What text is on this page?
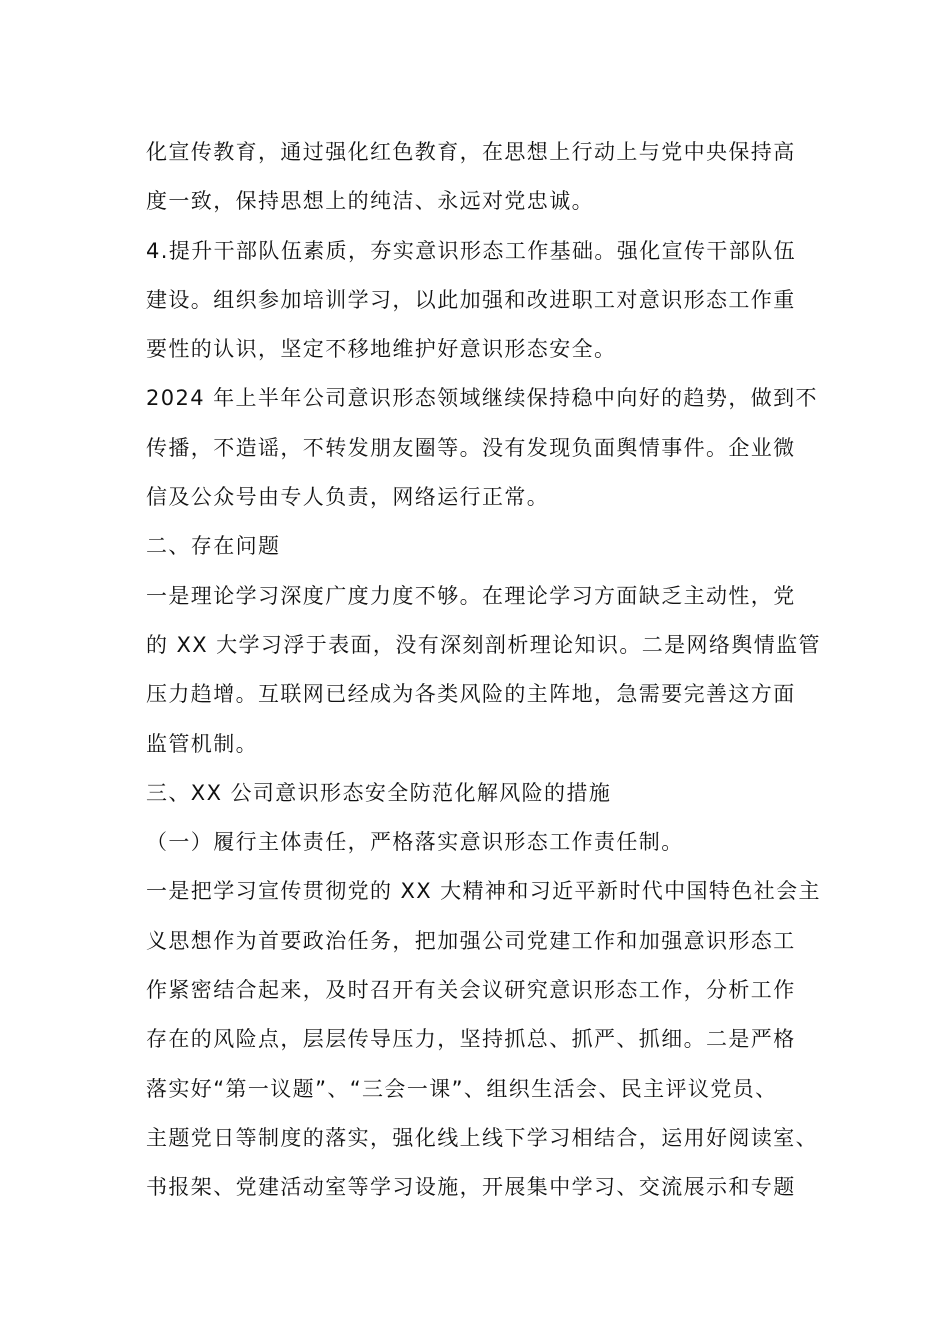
化宣传教育，通过强化红色教育，在思想上行动上与党中央保持高
度一致，保持思想上的纯洁、永远对党忠诚。

4.提升干部队伍素质，夯实意识形态工作基础。强化宣传干部队伍
建设。组织参加培训学习，以此加强和改进职工对意识形态工作重
要性的认识，坚定不移地维护好意识形态安全。

2024 年上半年公司意识形态领域继续保持稳中向好的趋势，做到不
传播，不造谣，不转发朋友圈等。没有发现负面舆情事件。企业微
信及公众号由专人负责，网络运行正常。

二、存在问题

一是理论学习深度广度力度不够。在理论学习方面缺乏主动性，党
的 XX 大学习浮于表面，没有深刻剖析理论知识。二是网络舆情监管
压力趋增。互联网已经成为各类风险的主阵地，急需要完善这方面
监管机制。

三、XX 公司意识形态安全防范化解风险的措施

（一）履行主体责任，严格落实意识形态工作责任制。

一是把学习宣传贯彻党的 XX 大精神和习近平新时代中国特色社会主
义思想作为首要政治任务，把加强公司党建工作和加强意识形态工
作紧密结合起来，及时召开有关会议研究意识形态工作，分析工作
存在的风险点，层层传导压力，坚持抓总、抓严、抓细。二是严格
落实好“第一议题”、“三会一课”、组织生活会、民主评议党员、
主题党日等制度的落实，强化线上线下学习相结合，运用好阅读室、
书报架、党建活动室等学习设施，开展集中学习、交流展示和专题
